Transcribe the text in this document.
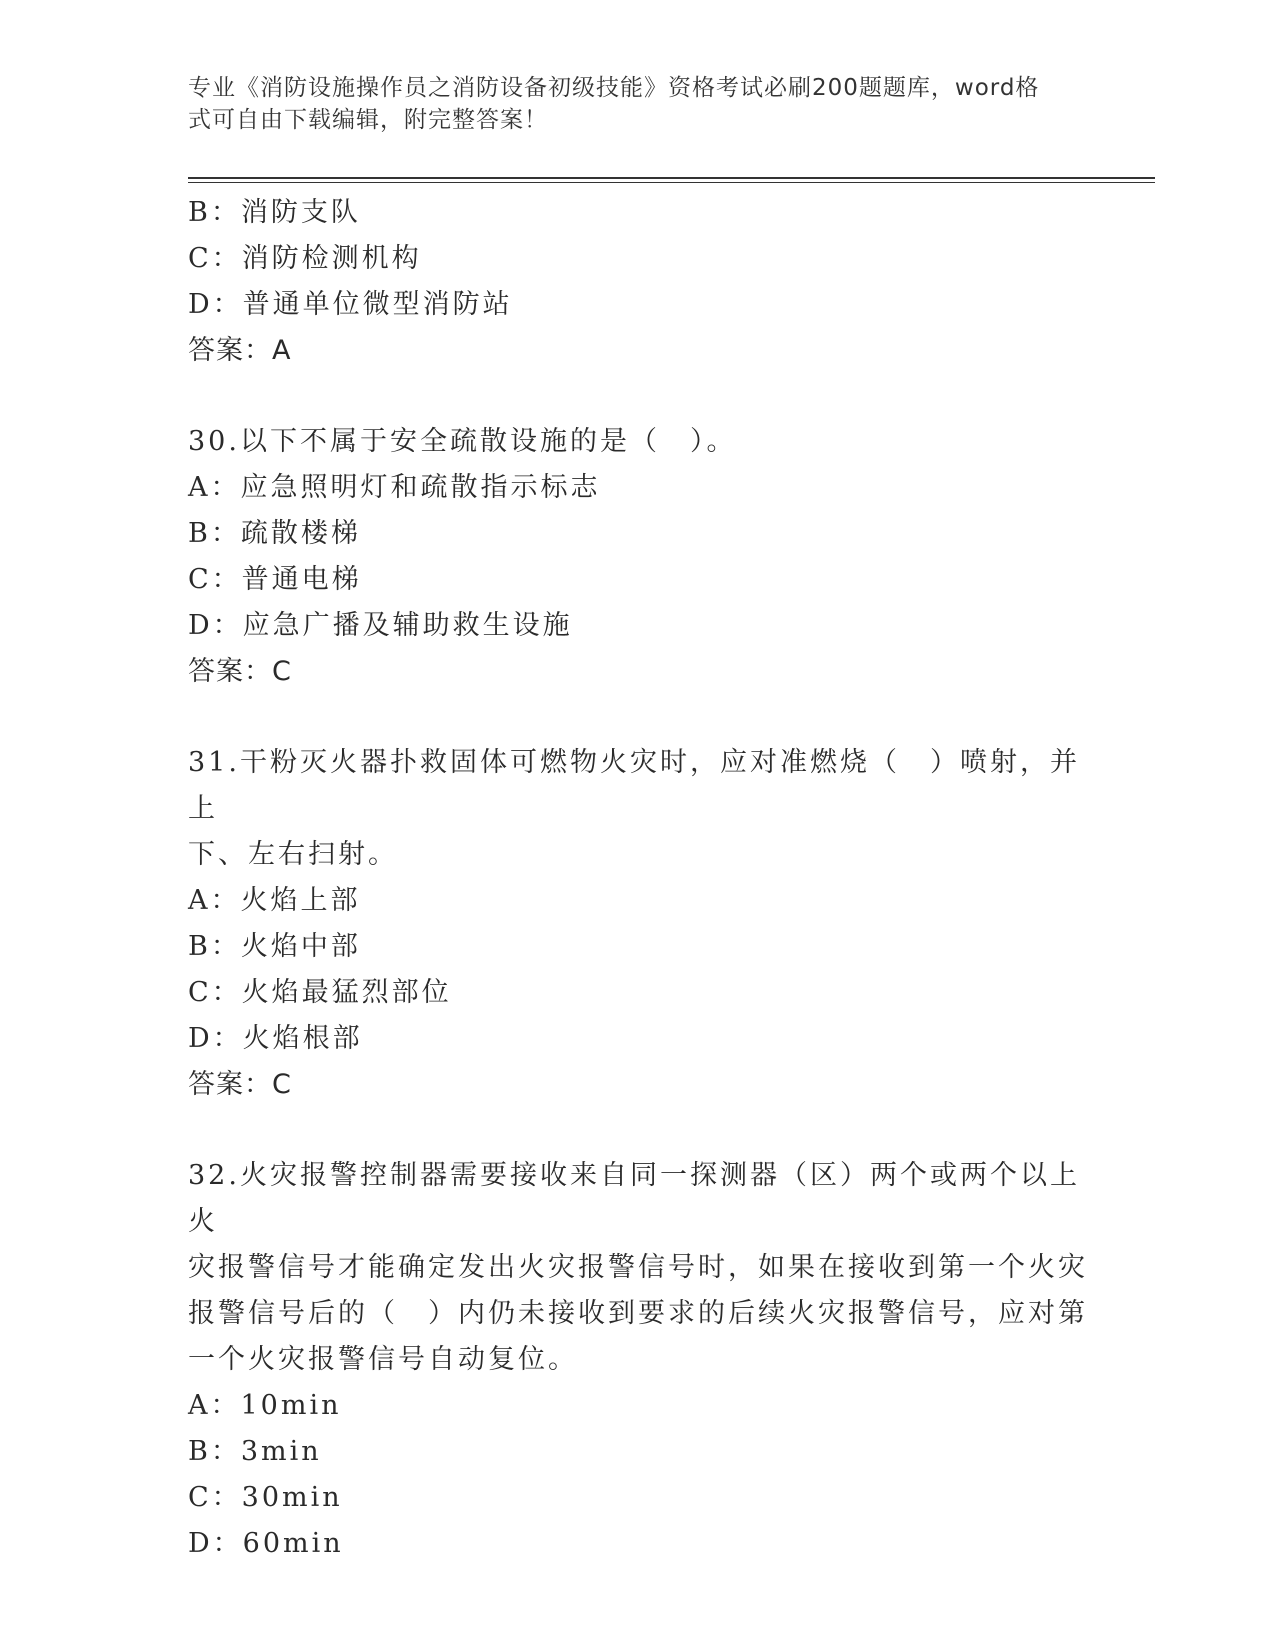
专业《消防设施操作员之消防设备初级技能》资格考试必刷200题题库，word格
式可自由下载编辑，附完整答案！
B：消防支队
C：消防检测机构
D：普通单位微型消防站
答案：A
30.以下不属于安全疏散设施的是（　）。
A：应急照明灯和疏散指示标志
B：疏散楼梯
C：普通电梯
D：应急广播及辅助救生设施
答案：C
31.干粉灭火器扑救固体可燃物火灾时，应对准燃烧（　）喷射，并上
下、左右扫射。
A：火焰上部
B：火焰中部
C：火焰最猛烈部位
D：火焰根部
答案：C
32.火灾报警控制器需要接收来自同一探测器（区）两个或两个以上火
灾报警信号才能确定发出火灾报警信号时，如果在接收到第一个火灾
报警信号后的（　）内仍未接收到要求的后续火灾报警信号，应对第
一个火灾报警信号自动复位。
A：10min
B：3min
C：30min
D：60min
